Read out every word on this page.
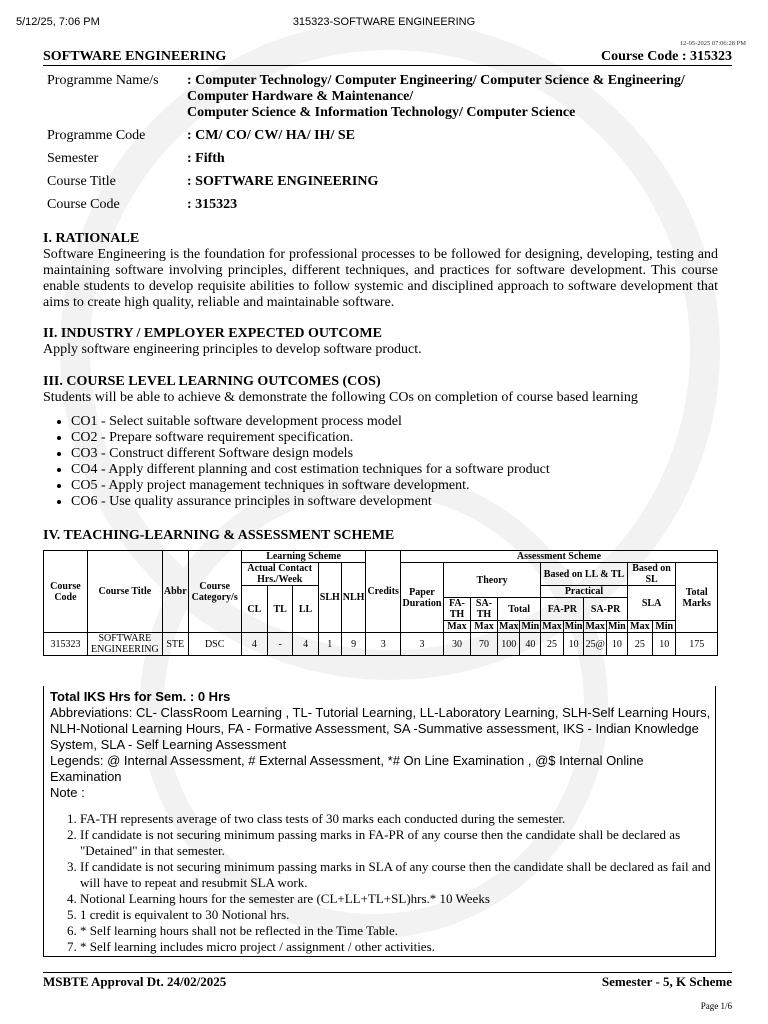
5/12/25, 7:06 PM	315323-SOFTWARE ENGINEERING
12-05-2025 07:06:28 PM
SOFTWARE ENGINEERING	Course Code : 315323
Programme Name/s	: Computer Technology/ Computer Engineering/ Computer Science & Engineering/
Computer Hardware & Maintenance/
Computer Science & Information Technology/ Computer Science
Programme Code	: CM/ CO/ CW/ HA/ IH/ SE
Semester	: Fifth
Course Title	: SOFTWARE ENGINEERING
Course Code	: 315323
I. RATIONALE

Software Engineering is the foundation for professional processes to be followed for designing, developing, testing and maintaining software involving principles, different techniques, and practices for software development. This course enable students to develop requisite abilities to follow systemic and disciplined approach to software development that aims to create high quality, reliable and maintainable software.

II. INDUSTRY / EMPLOYER EXPECTED OUTCOME

Apply software engineering principles to develop software product.

III. COURSE LEVEL LEARNING OUTCOMES (COS)

Students will be able to achieve & demonstrate the following COs on completion of course based learning

• CO1 - Select suitable software development process model
• CO2 - Prepare software requirement specification.
• CO3 - Construct different Software design models
• CO4 - Apply different planning and cost estimation techniques for a software product
• CO5 - Apply project management techniques in software development.
• CO6 - Use quality assurance principles in software development
IV. TEACHING-LEARNING & ASSESSMENT SCHEME
Course Code	Course Title	Abbr	Course Category/s	Learning Scheme					Credits	Assessment Scheme											
				Actual Contact Hrs./Week			SLH	NLH		Paper Duration	Theory				Based on LL & TL				Based on SL		Total Marks
				CL	TL	LL									Practical				SLA		
											FA-TH	SA-TH	Total		FA-PR		SA-PR				
											Max	Max	Max	Min	Max	Min	Max	Min	Max	Min	
315323	SOFTWARE ENGINEERING	STE	DSC	4	-	4	1	9	3	3	30	70	100	40	25	10	25@	10	25	10	175
Total IKS Hrs for Sem. : 0 Hrs
Abbreviations: CL- ClassRoom Learning , TL- Tutorial Learning, LL-Laboratory Learning, SLH-Self Learning Hours, NLH-Notional Learning Hours, FA - Formative Assessment, SA -Summative assessment, IKS - Indian Knowledge System, SLA - Self Learning Assessment
Legends: @ Internal Assessment, # External Assessment, *# On Line Examination , @$ Internal Online Examination
Note :
1. FA-TH represents average of two class tests of 30 marks each conducted during the semester.
2. If candidate is not securing minimum passing marks in FA-PR of any course then the candidate shall be declared as "Detained" in that semester.
3. If candidate is not securing minimum passing marks in SLA of any course then the candidate shall be declared as fail and will have to repeat and resubmit SLA work.
4. Notional Learning hours for the semester are (CL+LL+TL+SL)hrs.* 10 Weeks
5. 1 credit is equivalent to 30 Notional hrs.
6. * Self learning hours shall not be reflected in the Time Table.
7. * Self learning includes micro project / assignment / other activities.
MSBTE Approval Dt. 24/02/2025	Semester - 5, K Scheme
Page 1/6
